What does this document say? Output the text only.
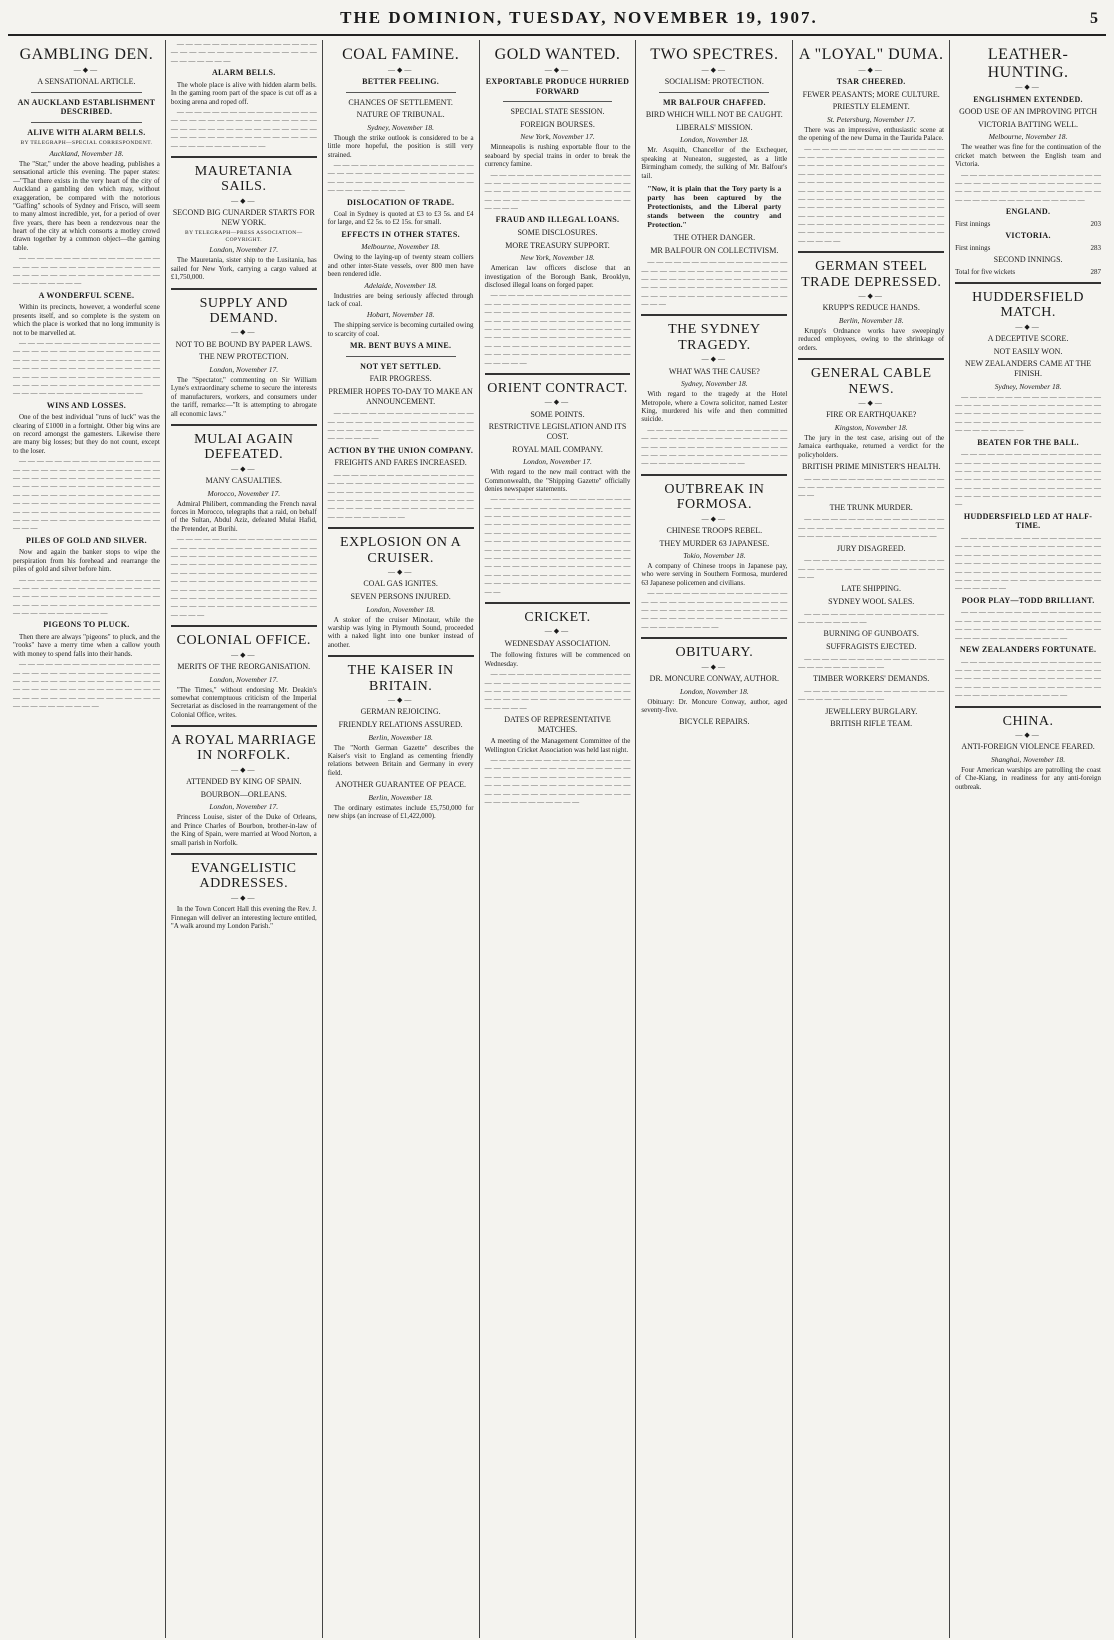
THE DOMINION, TUESDAY, NOVEMBER 19, 1907.	5
GAMBLING DEN.
—◆—
A SENSATIONAL ARTICLE.
AN AUCKLAND ESTABLISHMENT DESCRIBED.
ALIVE WITH ALARM BELLS.
BY TELEGRAPH—SPECIAL CORRESPONDENT.
Auckland, November 18.

The "Star," under the above heading, publishes a sensational article this evening. The paper states:—"That there exists in the very heart of the city of Auckland a gambling den which may, without exaggeration, be compared with the notorious "Gaffing" schools of Sydney and Frisco, will seem to many almost incredible, yet, for a period of over five years, there has been a rendezvous near the heart of the city at which consorts a motley crowd drawn together by a common object—the gaming table.

— — — — — — — — — — — — — — — — — — — — — — — — — — — — — — — — — — — — — — — — — — — — — — — — — — — — — — — —

A WONDERFUL SCENE.

Within its precincts, however, a wonderful scene presents itself, and so complete is the system on which the place is worked that no long immunity is not to be marvelled at.

— — — — — — — — — — — — — — — — — — — — — — — — — — — — — — — — — — — — — — — — — — — — — — — — — — — — — — — — — — — — — — — — — — — — — — — — — — — — — — — — — — — — — — — — — — — — — — — — — — — — — — — — — — — — — — —

WINS AND LOSSES.

One of the best individual "runs of luck" was the clearing of £1000 in a fortnight. Other big wins are on record amongst the gamesters. Likewise there are many big losses; but they do not count, except to the loser.

— — — — — — — — — — — — — — — — — — — — — — — — — — — — — — — — — — — — — — — — — — — — — — — — — — — — — — — — — — — — — — — — — — — — — — — — — — — — — — — — — — — — — — — — — — — — — — — — — — — — — — — — — — — — — — — — — — — — — — — — — — — — — — — — — — —

PILES OF GOLD AND SILVER.

Now and again the banker stops to wipe the perspiration from his forehead and rearrange the piles of gold and silver before him.

— — — — — — — — — — — — — — — — — — — — — — — — — — — — — — — — — — — — — — — — — — — — — — — — — — — — — — — — — — — — — — — — — — — — — — — — — — —

PIGEONS TO PLUCK.

Then there are always "pigeons" to pluck, and the "rooks" have a merry time when a callow youth with money to spend falls into their hands.

— — — — — — — — — — — — — — — — — — — — — — — — — — — — — — — — — — — — — — — — — — — — — — — — — — — — — — — — — — — — — — — — — — — — — — — — — — — — — — — — — — — — — — — — — —

— — — — — — — — — — — — — — — — — — — — — — — — — — — — — — — — — — — — — — —

ALARM BELLS.

The whole place is alive with hidden alarm bells. In the gaming room part of the space is cut off as a boxing arena and roped off.

— — — — — — — — — — — — — — — — — — — — — — — — — — — — — — — — — — — — — — — — — — — — — — — — — — — — — — — — — — — — — — — — — — — — — — — — — — —

MAURETANIA SAILS.
—◆—
SECOND BIG CUNARDER STARTS FOR NEW YORK.
BY TELEGRAPH—PRESS ASSOCIATION—COPYRIGHT.
London, November 17.

The Mauretania, sister ship to the Lusitania, has sailed for New York, carrying a cargo valued at £1,750,000.

SUPPLY AND DEMAND.
—◆—
NOT TO BE BOUND BY PAPER LAWS.
THE NEW PROTECTION.
London, November 17.

The "Spectator," commenting on Sir William Lyne's extraordinary scheme to secure the interests of manufacturers, workers, and consumers under the tariff, remarks:—"It is attempting to abrogate all economic laws."

MULAI AGAIN DEFEATED.
—◆—
MANY CASUALTIES.
Morocco, November 17.

Admiral Philibert, commanding the French naval forces in Morocco, telegraphs that a raid, on behalf of the Sultan, Abdul Aziz, defeated Mulai Hafid, the Pretender, at Burihi.

— — — — — — — — — — — — — — — — — — — — — — — — — — — — — — — — — — — — — — — — — — — — — — — — — — — — — — — — — — — — — — — — — — — — — — — — — — — — — — — — — — — — — — — — — — — — — — — — — — — — — — — — — — — — — — — — — — — — — — — — — — — — — — — — — — — — — — — — — — — — — — — — — — — —

COLONIAL OFFICE.
—◆—
MERITS OF THE REORGANISATION.
London, November 17.

"The Times," without endorsing Mr. Deakin's somewhat contemptuous criticism of the Imperial Secretariat as disclosed in the rearrangement of the Colonial Office, writes.

A ROYAL MARRIAGE IN NORFOLK.
—◆—
ATTENDED BY KING OF SPAIN.
BOURBON—ORLEANS.
London, November 17.

Princess Louise, sister of the Duke of Orleans, and Prince Charles of Bourbon, brother-in-law of the King of Spain, were married at Wood Norton, a small parish in Norfolk.

EVANGELISTIC ADDRESSES.
—◆—

In the Town Concert Hall this evening the Rev. J. Finnegan will deliver an interesting lecture entitled, "A walk around my London Parish."

COAL FAMINE.
—◆—
BETTER FEELING.
CHANCES OF SETTLEMENT.
NATURE OF TRIBUNAL.
Sydney, November 18.

Though the strike outlook is considered to be a little more hopeful, the position is still very strained.

— — — — — — — — — — — — — — — — — — — — — — — — — — — — — — — — — — — — — — — — — — — — — — — — — — — — — — — — —

DISLOCATION OF TRADE.

Coal in Sydney is quoted at £3 to £3 5s. and £4 for large, and £2 5s. to £2 15s. for small.

EFFECTS IN OTHER STATES.
Melbourne, November 18.

Owing to the laying-up of twenty steam colliers and other inter-State vessels, over 800 men have been rendered idle.

Adelaide, November 18.

Industries are being seriously affected through lack of coal.

Hobart, November 18.

The shipping service is becoming curtailed owing to scarcity of coal.

MR. BENT BUYS A MINE.
NOT YET SETTLED.
FAIR PROGRESS.
PREMIER HOPES TO-DAY TO MAKE AN ANNOUNCEMENT.

— — — — — — — — — — — — — — — — — — — — — — — — — — — — — — — — — — — — — — — — — — — — — — — — — — — — — —

ACTION BY THE UNION COMPANY.
FREIGHTS AND FARES INCREASED.

— — — — — — — — — — — — — — — — — — — — — — — — — — — — — — — — — — — — — — — — — — — — — — — — — — — — — — — — — — — — — — — — — — — — — — — — — — — — — — — — — — — — — — — — —

EXPLOSION ON A CRUISER.
—◆—
COAL GAS IGNITES.
SEVEN PERSONS INJURED.
London, November 18.

A stoker of the cruiser Minotaur, while the warship was lying in Plymouth Sound, proceeded with a naked light into one bunker instead of another.

THE KAISER IN BRITAIN.
—◆—
GERMAN REJOICING.
FRIENDLY RELATIONS ASSURED.
Berlin, November 18.

The "North German Gazette" describes the Kaiser's visit to England as cementing friendly relations between Britain and Germany in every field.

ANOTHER GUARANTEE OF PEACE.
Berlin, November 18.

The ordinary estimates include £5,750,000 for new ships (an increase of £1,422,000).

GOLD WANTED.
—◆—
EXPORTABLE PRODUCE HURRIED FORWARD
SPECIAL STATE SESSION.
FOREIGN BOURSES.
New York, November 17.

Minneapolis is rushing exportable flour to the seaboard by special trains in order to break the currency famine.

— — — — — — — — — — — — — — — — — — — — — — — — — — — — — — — — — — — — — — — — — — — — — — — — — — — — — — — — — — — — — — — — — — — —

FRAUD AND ILLEGAL LOANS.
SOME DISCLOSURES.
MORE TREASURY SUPPORT.
New York, November 18.

American law officers disclose that an investigation of the Borough Bank, Brooklyn, disclosed illegal loans on forged paper.

— — — — — — — — — — — — — — — — — — — — — — — — — — — — — — — — — — — — — — — — — — — — — — — — — — — — — — — — — — — — — — — — — — — — — — — — — — — — — — — — — — — — — — — — — — — — — — — — — — — — — — — — — — — — — — — — — — — — — — — — — — — — — — — — — — — — —

ORIENT CONTRACT.
—◆—
SOME POINTS.
RESTRICTIVE LEGISLATION AND ITS COST.
ROYAL MAIL COMPANY.
London, November 17.

With regard to the new mail contract with the Commonwealth, the "Shipping Gazette" officially denies newspaper statements.

— — — — — — — — — — — — — — — — — — — — — — — — — — — — — — — — — — — — — — — — — — — — — — — — — — — — — — — — — — — — — — — — — — — — — — — — — — — — — — — — — — — — — — — — — — — — — — — — — — — — — — — — — — — — — — — — — — — — — — — — — — — — — — — — — — — — — — — — — — — — — — — — — — — — — — — — — — — — — — — — — — — — — — — — — — — — — — — — — —

CRICKET.
—◆—
WEDNESDAY ASSOCIATION.

The following fixtures will be commenced on Wednesday.

— — — — — — — — — — — — — — — — — — — — — — — — — — — — — — — — — — — — — — — — — — — — — — — — — — — — — — — — — — — — — — — — — — — — —

DATES OF REPRESENTATIVE MATCHES.

A meeting of the Management Committee of the Wellington Cricket Association was held last night.

— — — — — — — — — — — — — — — — — — — — — — — — — — — — — — — — — — — — — — — — — — — — — — — — — — — — — — — — — — — — — — — — — — — — — — — — — — — — — — — — — — — — — — — — — — —

TWO SPECTRES.
—◆—
SOCIALISM: PROTECTION.
MR BALFOUR CHAFFED.
BIRD WHICH WILL NOT BE CAUGHT.
LIBERALS' MISSION.
London, November 18.

Mr. Asquith, Chancellor of the Exchequer, speaking at Nuneaton, suggested, as a little Birmingham comedy, the sulking of Mr. Balfour's tail.

"Now, it is plain that the Tory party is a party has been captured by the Protectionists, and the Liberal party stands between the country and Protection."

THE OTHER DANGER.
MR BALFOUR ON COLLECTIVISM.

— — — — — — — — — — — — — — — — — — — — — — — — — — — — — — — — — — — — — — — — — — — — — — — — — — — — — — — — — — — — — — — — — — — — — — — — — — — — — — — — — — —

THE SYDNEY TRAGEDY.
—◆—
WHAT WAS THE CAUSE?
Sydney, November 18.

With regard to the tragedy at the Hotel Metropole, where a Cowra solicitor, named Lester King, murdered his wife and then committed suicide.

— — — — — — — — — — — — — — — — — — — — — — — — — — — — — — — — — — — — — — — — — — — — — — — — — — — — — — — — — — — — — — — — — — — — — — — — — — — —

OUTBREAK IN FORMOSA.
—◆—
CHINESE TROOPS REBEL.
THEY MURDER 63 JAPANESE.
Tokio, November 18.

A company of Chinese troops in Japanese pay, who were serving in Southern Formosa, murdered 63 Japanese policemen and civilians.

— — — — — — — — — — — — — — — — — — — — — — — — — — — — — — — — — — — — — — — — — — — — — — — — — — — — — — — — — — — — — — — — — — — — — — — — —

OBITUARY.
—◆—
DR. MONCURE CONWAY, AUTHOR.
London, November 18.

Obituary: Dr. Moncure Conway, author, aged seventy-five.

BICYCLE REPAIRS.
A "LOYAL" DUMA.
—◆—
TSAR CHEERED.
FEWER PEASANTS; MORE CULTURE.
PRIESTLY ELEMENT.
St. Petersburg, November 17.

There was an impressive, enthusiastic scene at the opening of the new Duma in the Taurida Palace.

— — — — — — — — — — — — — — — — — — — — — — — — — — — — — — — — — — — — — — — — — — — — — — — — — — — — — — — — — — — — — — — — — — — — — — — — — — — — — — — — — — — — — — — — — — — — — — — — — — — — — — — — — — — — — — — — — — — — — — — — — — — — — — — — — — — — — — — — — — — — — — — — — — — — — — — — — — — — — — — — — — — — — — — — — — — — — — — — — — — — —

GERMAN STEEL TRADE DEPRESSED.
—◆—
KRUPP'S REDUCE HANDS.
Berlin, November 18.

Krupp's Ordnance works have sweepingly reduced employees, owing to the shrinkage of orders.

GENERAL CABLE NEWS.
—◆—
FIRE OR EARTHQUAKE?
Kingston, November 18.

The jury in the test case, arising out of the Jamaica earthquake, returned a verdict for the policyholders.

BRITISH PRIME MINISTER'S HEALTH.

— — — — — — — — — — — — — — — — — — — — — — — — — — — — — — — — — —

THE TRUNK MURDER.

— — — — — — — — — — — — — — — — — — — — — — — — — — — — — — — — — — — — — — — — — — — — — — — —

JURY DISAGREED.

— — — — — — — — — — — — — — — — — — — — — — — — — — — — — — — — — —

LATE SHIPPING.
SYDNEY WOOL SALES.

— — — — — — — — — — — — — — — — — — — — — — — —

BURNING OF GUNBOATS.
SUFFRAGISTS EJECTED.

— — — — — — — — — — — — — — — — — — — — — — — — — —

TIMBER WORKERS' DEMANDS.

— — — — — — — — — — — — — — — — — — — — — — — — — —

JEWELLERY BURGLARY.
BRITISH RIFLE TEAM.
LEATHER-HUNTING.
—◆—
ENGLISHMEN EXTENDED.
GOOD USE OF AN IMPROVING PITCH
VICTORIA BATTING WELL.
Melbourne, November 18.

The weather was fine for the continuation of the cricket match between the English team and Victoria.

— — — — — — — — — — — — — — — — — — — — — — — — — — — — — — — — — — — — — — — — — — — — — — — — — — — — — — — — — — — — — — —

ENGLAND.
First innings	203
VICTORIA.
First innings	283
SECOND INNINGS.
Total for five wickets	287
HUDDERSFIELD MATCH.
—◆—
A DECEPTIVE SCORE.
NOT EASILY WON.
NEW ZEALANDERS CAME AT THE FINISH.
Sydney, November 18.

— — — — — — — — — — — — — — — — — — — — — — — — — — — — — — — — — — — — — — — — — — — — — — — — — — — — — — — — — — — — — — — — — — — — — — — —

BEATEN FOR THE BALL.

— — — — — — — — — — — — — — — — — — — — — — — — — — — — — — — — — — — — — — — — — — — — — — — — — — — — — — — — — — — — — — — — — — — — — — — — — — — — — — — — — — — — — — — — — — — — — — — — —

HUDDERSFIELD LED AT HALF-TIME.

— — — — — — — — — — — — — — — — — — — — — — — — — — — — — — — — — — — — — — — — — — — — — — — — — — — — — — — — — — — — — — — — — — — — — — — — — — — — — — — — — — — — — — — — — — — — — — — — — — — — — —

POOR PLAY—TODD BRILLIANT.

— — — — — — — — — — — — — — — — — — — — — — — — — — — — — — — — — — — — — — — — — — — — — — — — — — — — — — — — — — — — —

NEW ZEALANDERS FORTUNATE.

— — — — — — — — — — — — — — — — — — — — — — — — — — — — — — — — — — — — — — — — — — — — — — — — — — — — — — — — — — — — — — — — — — — — — — — — — — — — —

CHINA.
—◆—
ANTI-FOREIGN VIOLENCE FEARED.
Shanghai, November 18.

Four American warships are patrolling the coast of Che-Kiang, in readiness for any anti-foreign outbreak.
